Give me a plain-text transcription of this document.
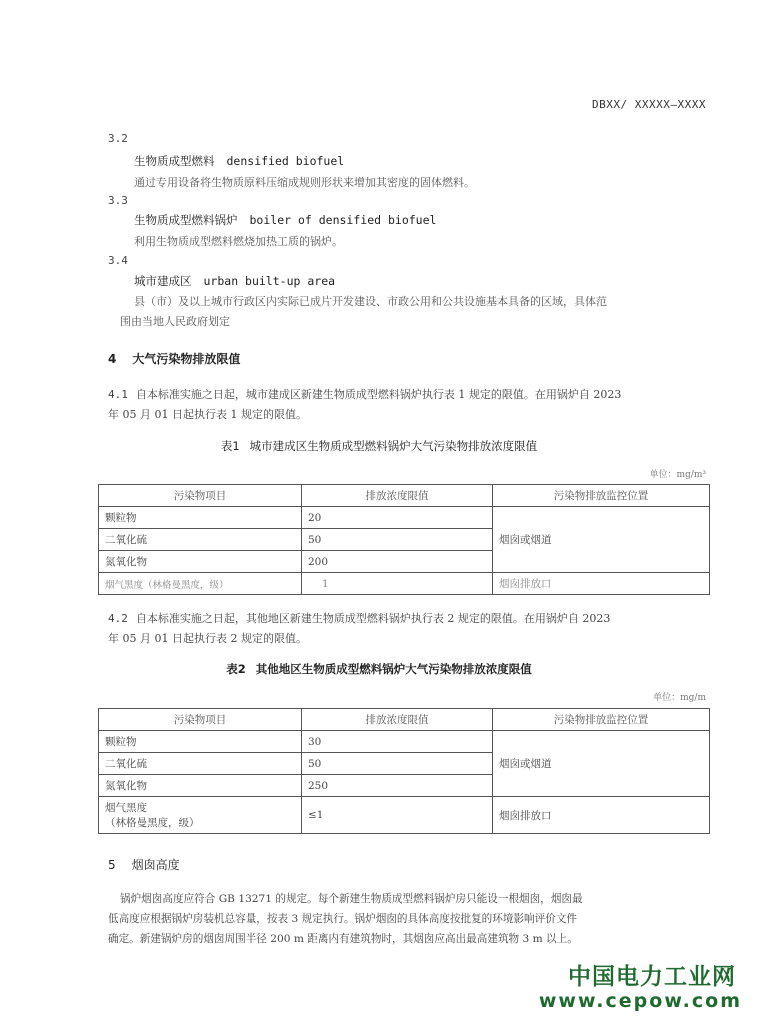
DBXX/ XXXXX—XXXX
3.2
生物质成型燃料 densified biofuel
通过专用设备将生物质原料压缩成规则形状来增加其密度的固体燃料。
3.3
生物质成型燃料锅炉 boiler of densified biofuel
利用生物质成型燃料燃烧加热工质的锅炉。
3.4
城市建成区 urban built-up area
县（市）及以上城市行政区内实际已成片开发建设、市政公用和公共设施基本具备的区域，具体范
围由当地人民政府划定
4 大气污染物排放限值
4.1 自本标准实施之日起，城市建成区新建生物质成型燃料锅炉执行表 1 规定的限值。在用锅炉自 2023
年 05 月 01 日起执行表 1 规定的限值。
表1 城市建成区生物质成型燃料锅炉大气污染物排放浓度限值
单位：mg/m³
污染物项目	排放浓度限值	污染物排放监控位置
颗粒物	20	烟囱或烟道
二氧化硫	50	
氮氧化物	200	
烟气黑度（林格曼黑度，级）	1	烟囱排放口
4.2 自本标准实施之日起，其他地区新建生物质成型燃料锅炉执行表 2 规定的限值。在用锅炉自 2023
年 05 月 01 日起执行表 2 规定的限值。
表2 其他地区生物质成型燃料锅炉大气污染物排放浓度限值
单位：mg/m
污染物项目	排放浓度限值	污染物排放监控位置
颗粒物	30	烟囱或烟道
二氧化硫	50	
氮氧化物	250	

烟气黑度
（林格曼黑度，级）	≤1	烟囱排放口
5 烟囱高度
锅炉烟囱高度应符合 GB 13271 的规定。每个新建生物质成型燃料锅炉房只能设一根烟囱，烟囱最
低高度应根据锅炉房装机总容量，按表 3 规定执行。锅炉烟囱的具体高度按批复的环境影响评价文件
确定。新建锅炉房的烟囱周围半径 200 m 距离内有建筑物时，其烟囱应高出最高建筑物 3 m 以上。
中国电力工业网
www.cepow.com
